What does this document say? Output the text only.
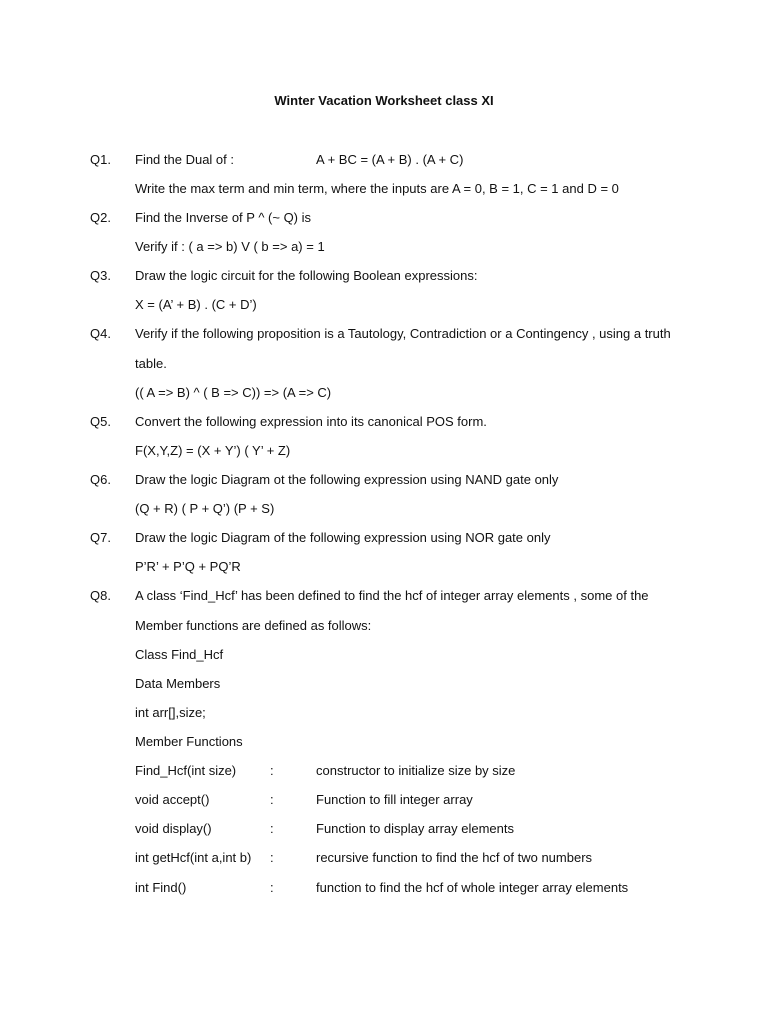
Winter Vacation Worksheet class XI
Q1. Find the Dual of :	A + BC = (A + B) . (A + C)
Write the max term and min term, where the inputs are A = 0, B = 1, C = 1 and D = 0
Q2. Find the Inverse of P ^ (~ Q) is
Verify if : ( a => b) V ( b => a) = 1
Q3. Draw the logic circuit for the following Boolean expressions:
X = (A’ + B) . (C + D’)
Q4. Verify if the following proposition is a Tautology, Contradiction or a Contingency , using a truth
table.
(( A => B) ^ ( B => C)) => (A => C)
Q5. Convert the following expression into its canonical POS form.
F(X,Y,Z) = (X + Y’) ( Y’ + Z)
Q6. Draw the logic Diagram ot the following expression using NAND gate only
(Q + R) ( P + Q’) (P + S)
Q7. Draw the logic Diagram of the following expression using NOR gate only
P’R’ + P’Q + PQ’R
Q8. A class ‘Find_Hcf’ has been defined to find the hcf of integer array elements , some of the
Member functions are defined as follows:
Class Find_Hcf
Data Members
int arr[],size;
Member Functions
Find_Hcf(int size)	:	constructor to initialize size by size
void accept()	:	Function to fill integer array
void display()	:	Function to display array elements
int getHcf(int a,int b) :	recursive function to find the hcf of two numbers
int Find()	:	function to find the hcf of whole integer array elements
